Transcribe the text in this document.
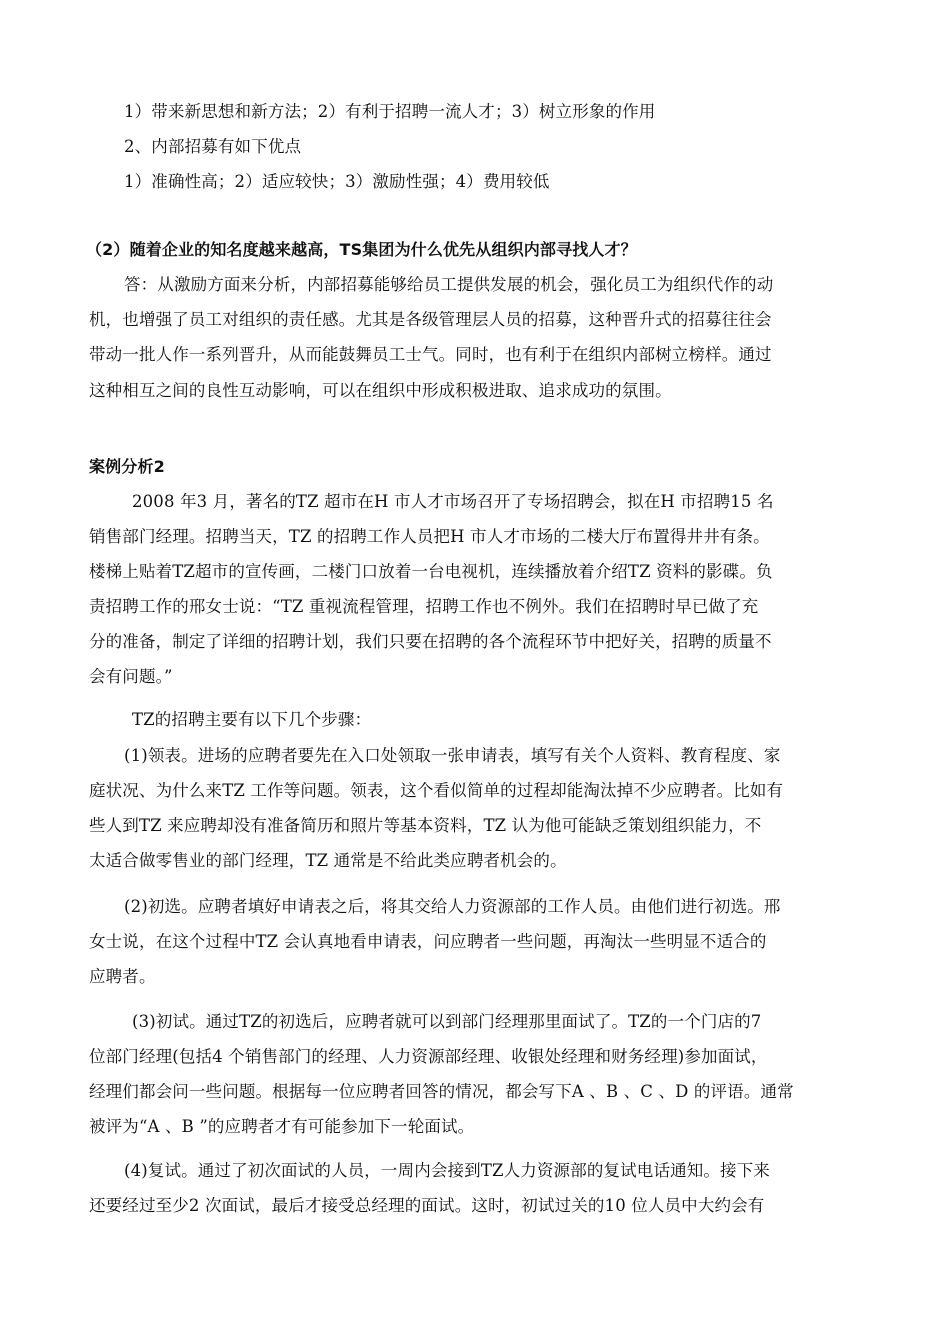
1）带来新思想和新方法；2）有利于招聘一流人才；3）树立形象的作用
2、内部招募有如下优点
1）准确性高；2）适应较快；3）激励性强；4）费用较低
（2）随着企业的知名度越来越高，TS集团为什么优先从组织内部寻找人才？
答：从激励方面来分析，内部招募能够给员工提供发展的机会，强化员工为组织代作的动
机，也增强了员工对组织的责任感。尤其是各级管理层人员的招募，这种晋升式的招募往往会
带动一批人作一系列晋升，从而能鼓舞员工士气。同时，也有利于在组织内部树立榜样。通过
这种相互之间的良性互动影响，可以在组织中形成积极进取、追求成功的氛围。
案例分析2
2008 年3 月，著名的TZ 超市在H 市人才市场召开了专场招聘会，拟在H 市招聘15 名
销售部门经理。招聘当天，TZ 的招聘工作人员把H 市人才市场的二楼大厅布置得井井有条。
楼梯上贴着TZ超市的宣传画，二楼门口放着一台电视机，连续播放着介绍TZ 资料的影碟。负
责招聘工作的邢女士说：“TZ 重视流程管理，招聘工作也不例外。我们在招聘时早已做了充
分的准备，制定了详细的招聘计划，我们只要在招聘的各个流程环节中把好关，招聘的质量不
会有问题。”
TZ的招聘主要有以下几个步骤：
(1)领表。进场的应聘者要先在入口处领取一张申请表，填写有关个人资料、教育程度、家
庭状况、为什么来TZ 工作等问题。领表，这个看似简单的过程却能淘汰掉不少应聘者。比如有
些人到TZ 来应聘却没有准备简历和照片等基本资料，TZ 认为他可能缺乏策划组织能力，不
太适合做零售业的部门经理，TZ 通常是不给此类应聘者机会的。
(2)初选。应聘者填好申请表之后，将其交给人力资源部的工作人员。由他们进行初选。邢
女士说，在这个过程中TZ 会认真地看申请表，问应聘者一些问题，再淘汰一些明显不适合的
应聘者。
(3)初试。通过TZ的初选后，应聘者就可以到部门经理那里面试了。TZ的一个门店的7
位部门经理(包括4 个销售部门的经理、人力资源部经理、收银处经理和财务经理)参加面试，
经理们都会问一些问题。根据每一位应聘者回答的情况，都会写下A 、B 、C 、D 的评语。通常
被评为“A 、B ”的应聘者才有可能参加下一轮面试。
(4)复试。通过了初次面试的人员，一周内会接到TZ人力资源部的复试电话通知。接下来
还要经过至少2 次面试，最后才接受总经理的面试。这时，初试过关的10 位人员中大约会有
